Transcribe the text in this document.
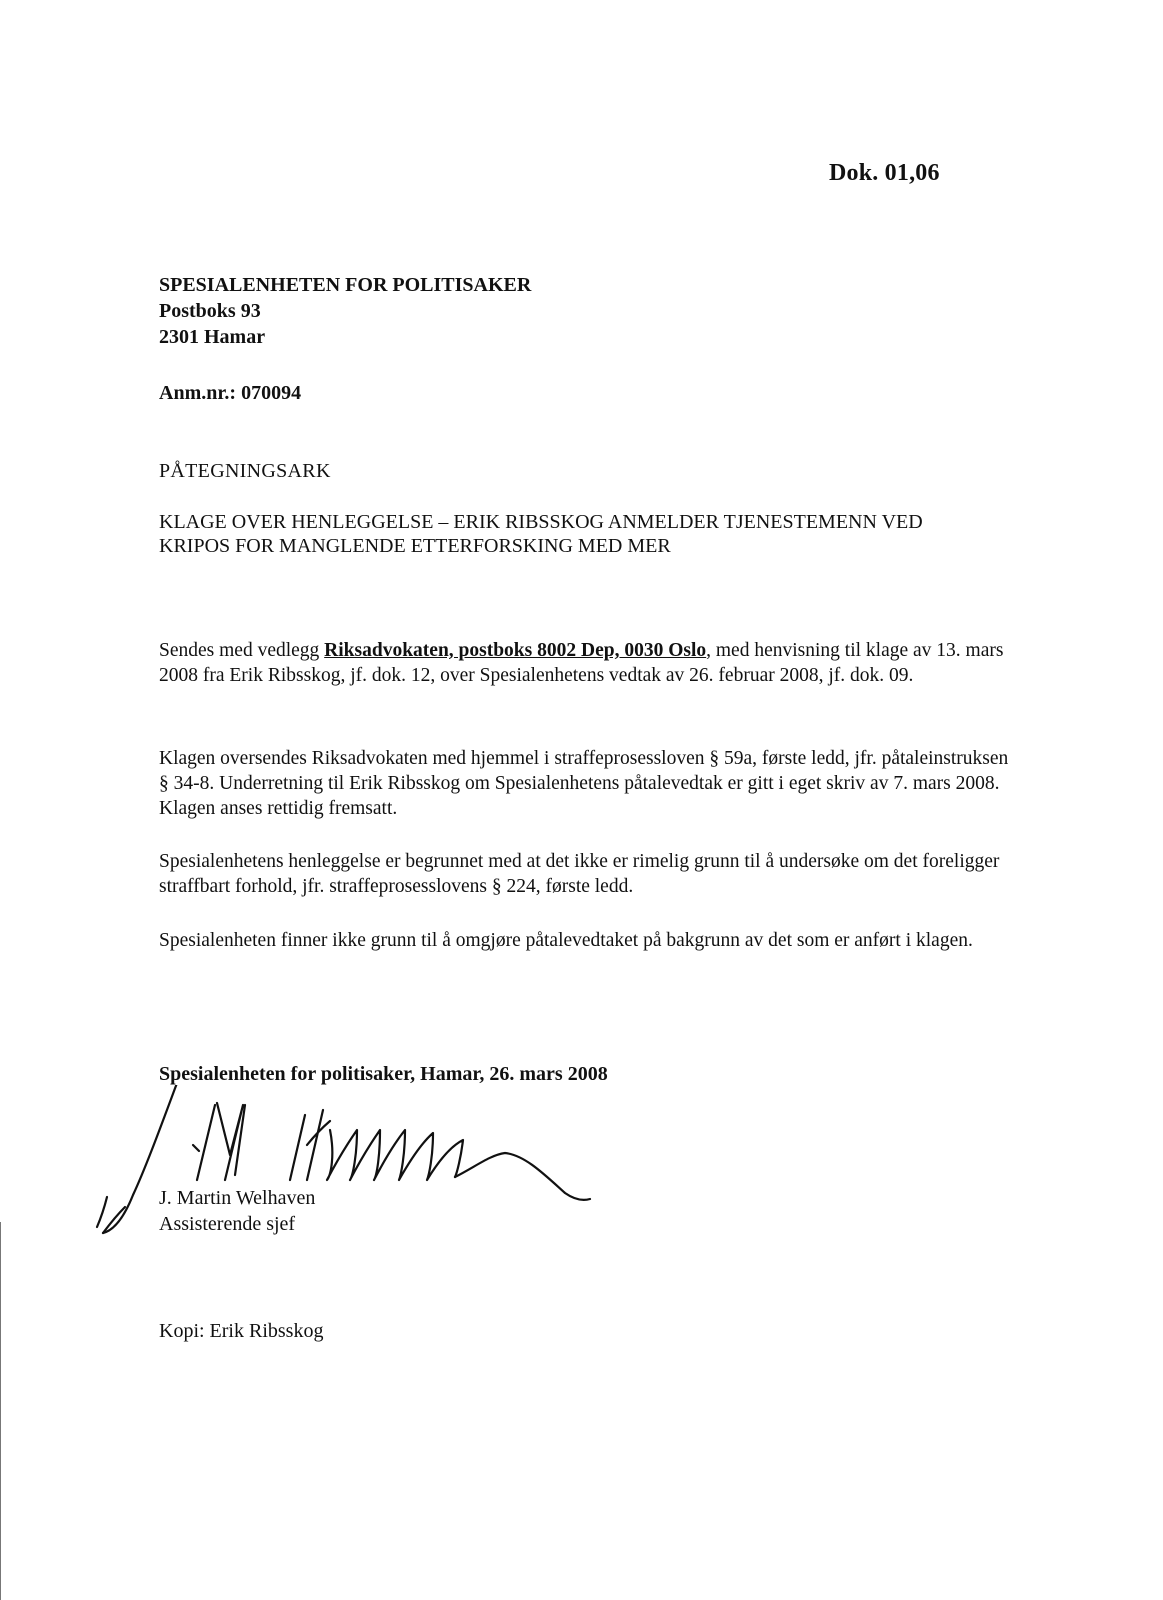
Dok. 01,06
SPESIALENHETEN FOR POLITISAKER
Postboks 93
2301 Hamar
Anm.nr.: 070094
PÅTEGNINGSARK
KLAGE OVER HENLEGGELSE – ERIK RIBSSKOG ANMELDER TJENESTEMENN VED KRIPOS FOR MANGLENDE ETTERFORSKING MED MER

Sendes med vedlegg Riksadvokaten, postboks 8002 Dep, 0030 Oslo, med henvisning til klage av 13. mars 2008 fra Erik Ribsskog, jf. dok. 12, over Spesialenhetens vedtak av 26. februar 2008, jf. dok. 09.

Klagen oversendes Riksadvokaten med hjemmel i straffeprosessloven § 59a, første ledd, jfr. påtaleinstruksen § 34-8. Underretning til Erik Ribsskog om Spesialenhetens påtalevedtak er gitt i eget skriv av 7. mars 2008. Klagen anses rettidig fremsatt.

Spesialenhetens henleggelse er begrunnet med at det ikke er rimelig grunn til å undersøke om det foreligger straffbart forhold, jfr. straffeprosesslovens § 224, første ledd.

Spesialenheten finner ikke grunn til å omgjøre påtalevedtaket på bakgrunn av det som er anført i klagen.

Spesialenheten for politisaker, Hamar, 26. mars 2008
J. Martin Welhaven
Assisterende sjef
Kopi: Erik Ribsskog
